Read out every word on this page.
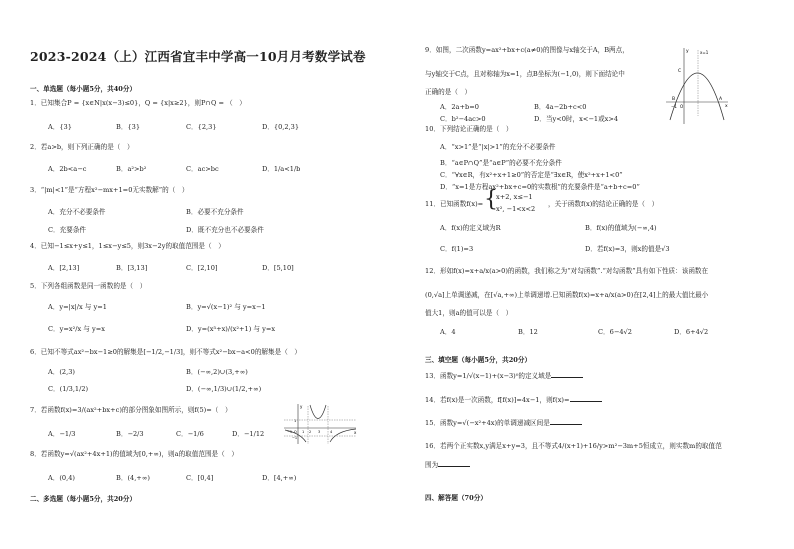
2023-2024（上）江西省宜丰中学高一10月月考数学试卷
一、单选题（每小题5分，共40分）
1．已知集合P = {x∈N|x(x−3)≤0}，Q = {x|x≥2}，则P∩Q = （　）
A．{3}	B．{3}	C．{2,3}	D．{0,2,3}
2．若a>b，则下列正确的是（　）
A．2b<a−c	B．a²>b²	C．ac>bc	D．1/a<1/b
3．“|m|<1”是“方程x²−mx+1=0无实数解”的（　）
A．充分不必要条件	B．必要不充分条件
C．充要条件	D．既不充分也不必要条件
4．已知−1≤x+y≤1，1≤x−y≤5，则3x−2y的取值范围是（　）
A．[2,13]	B．[3,13]	C．[2,10]	D．[5,10]
5．下列各组函数是同一函数的是（　）
A．y=|x|/x 与 y=1	B．y=√(x−1)² 与 y=x−1
C．y=x²/x 与 y=x	D．y=(x³+x)/(x²+1) 与 y=x
6．已知不等式ax²−bx−1≥0的解集是[−1/2,−1/3]，则不等式x²−bx−a<0的解集是（　）
A．(2,3)	B．(−∞,2)∪(3,+∞)
C．(1/3,1/2)	D．(−∞,1/3)∪(1/2,+∞)
7．若函数f(x)=3/(ax²+bx+c)的部分图象如图所示，则f(5)=（　）
A．−1/3	B．−2/3	C．−1/6	D．−1/12	x
y
O 1 2 3	4
−1
−1
1
8．若函数y=√(ax²+4x+1)的值域为[0,+∞)，则a的取值范围是（　）
A．(0,4)	B．(4,+∞)	C．[0,4]	D．[4,+∞)
二、多选题（每小题5分，共20分）
9．如图，二次函数y=ax²+bx+c(a≠0)的图像与x轴交于A，B两点，
与y轴交于C点，且对称轴为x=1，点B坐标为(−1,0)，则下面结论中
正确的是（　）
A．2a+b=0	B．4a−2b+c<0
C．b²−4ac>0	D．当y<0时，x<−1或x>4
x
y	x=1
A
B
C
O
−1
10．下列结论正确的是（　）
A．“x>1”是“|x|>1”的充分不必要条件
B．“a∈P∩Q”是“a∈P”的必要不充分条件
C．“∀x∈R，有x²+x+1≥0”的否定是“∃x∈R，使x²+x+1<0”
D．“x=1是方程ax²+bx+c=0的实数根”的充要条件是“a+b+c=0”
11．已知函数f(x)= {
x+2, x≤−1
x², −1<x<2
，关于函数f(x)的结论正确的是（　）
A．f(x)的定义域为R	B．f(x)的值域为(−∞,4)
C．f(1)=3	D．若f(x)=3，则x的值是√3
12．形如f(x)=x+a/x(a>0)的函数，我们称之为“对勾函数”.“对勾函数”具有如下性质：该函数在
(0,√a]上单调递减，在[√a,+∞)上单调递增.已知函数f(x)=x+a/x(a>0)在[2,4]上的最大值比最小
值大1，则a的值可以是（　）
A．4	B．12	C．6−4√2	D．6+4√2
三、填空题（每小题5分，共20分）
13．函数y=1/√(x−1)+(x−3)⁰的定义域是
14．若f(x)是一次函数，f[f(x)]=4x−1，则f(x)=
15．函数y=√(−x²+4x)的单调递减区间是
16．若两个正实数x,y满足x+y=3，且不等式4/(x+1)+16/y>m²−3m+5恒成立，则实数m的取值范
围为
四、解答题（70分）
